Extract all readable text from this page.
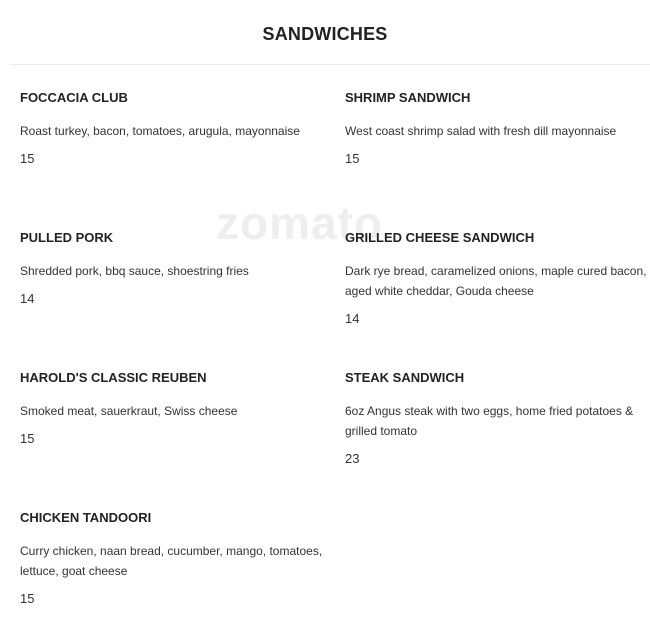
SANDWICHES
zomato
FOCCACIA CLUB
Roast turkey, bacon, tomatoes, arugula, mayonnaise
15
SHRIMP SANDWICH
West coast shrimp salad with fresh dill mayonnaise
15
PULLED PORK
Shredded pork, bbq sauce, shoestring fries
14
GRILLED CHEESE SANDWICH
Dark rye bread, caramelized onions, maple cured bacon, aged white cheddar, Gouda cheese
14
HAROLD'S CLASSIC REUBEN
Smoked meat, sauerkraut, Swiss cheese
15
STEAK SANDWICH
6oz Angus steak with two eggs, home fried potatoes & grilled tomato
23
CHICKEN TANDOORI
Curry chicken, naan bread, cucumber, mango, tomatoes, lettuce, goat cheese
15
